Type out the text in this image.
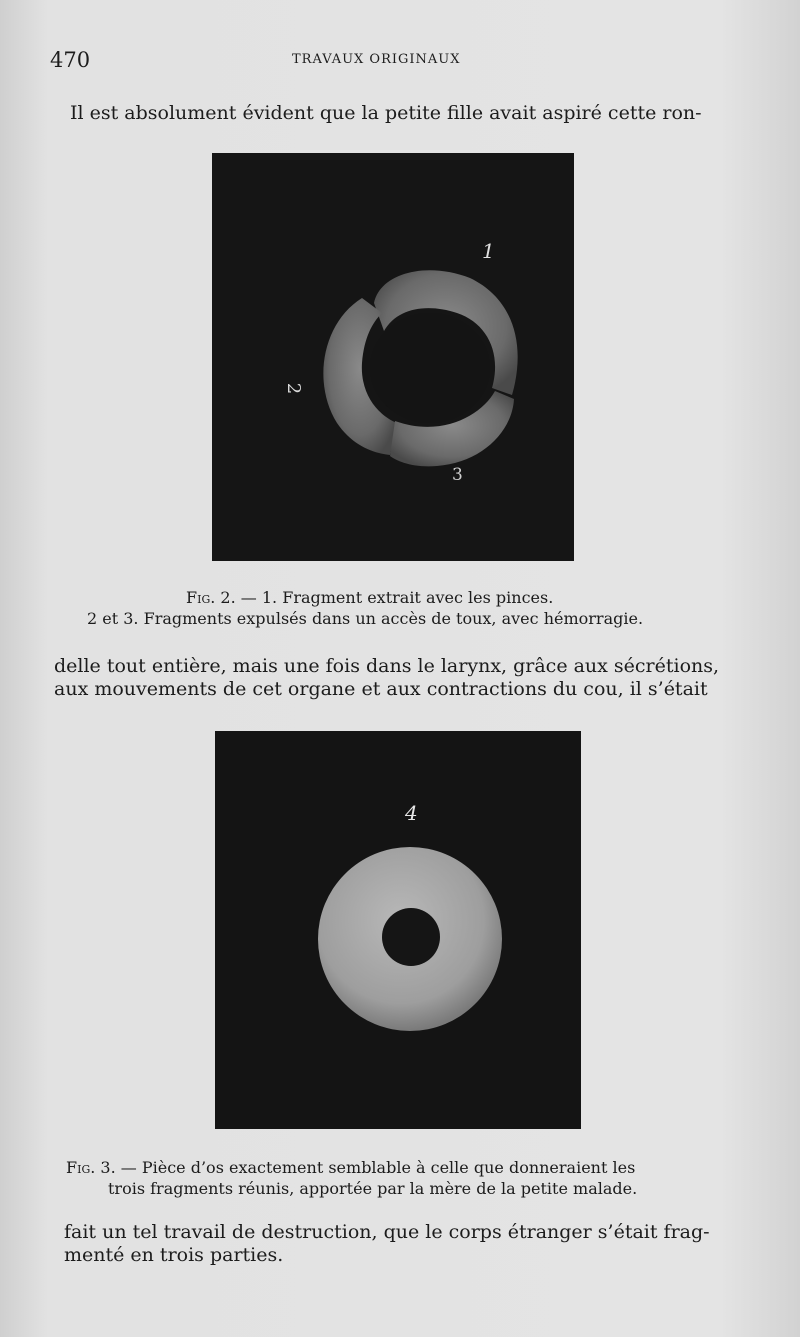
470	TRAVAUX ORIGINAUX
Il est absolument évident que la petite fille avait aspiré cette ron-
1
2
3
Fig. 2. — 1. Fragment extrait avec les pinces.
2 et 3. Fragments expulsés dans un accès de toux, avec hémorragie.
delle tout entière, mais une fois dans le larynx, grâce aux sécrétions,
aux mouvements de cet organe et aux contractions du cou, il s’était
4
Fig. 3. — Pièce d’os exactement semblable à celle que donneraient les
trois fragments réunis, apportée par la mère de la petite malade.
fait un tel travail de destruction, que le corps étranger s’était frag-
menté en trois parties.
